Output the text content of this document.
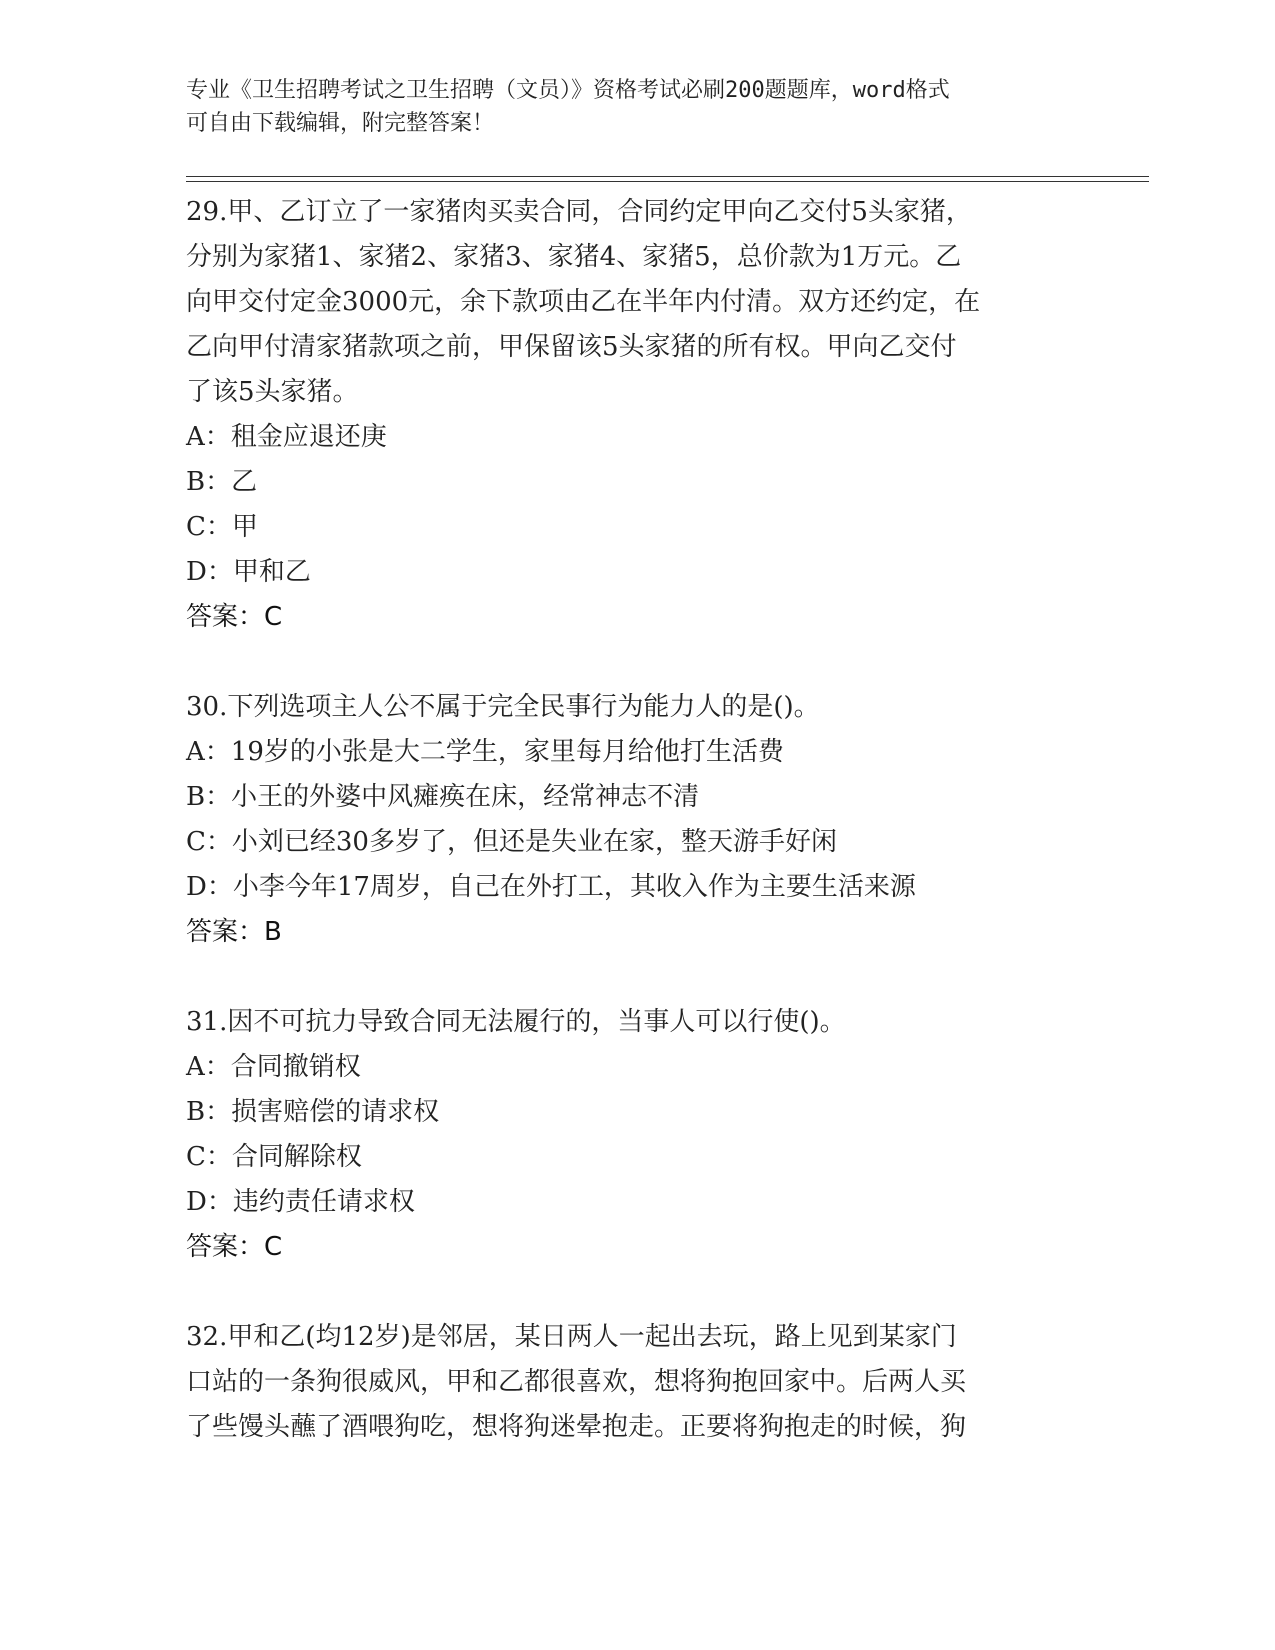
专业《卫生招聘考试之卫生招聘（文员）》资格考试必刷200题题库，word格式
可自由下载编辑，附完整答案！
29.甲、乙订立了一家猪肉买卖合同，合同约定甲向乙交付5头家猪，
分别为家猪1、家猪2、家猪3、家猪4、家猪5，总价款为1万元。乙
向甲交付定金3000元，余下款项由乙在半年内付清。双方还约定，在
乙向甲付清家猪款项之前，甲保留该5头家猪的所有权。甲向乙交付
了该5头家猪。
A：租金应退还庚
B：乙
C：甲
D：甲和乙
答案：C
30.下列选项主人公不属于完全民事行为能力人的是()。
A：19岁的小张是大二学生，家里每月给他打生活费
B：小王的外婆中风瘫痪在床，经常神志不清
C：小刘已经30多岁了，但还是失业在家，整天游手好闲
D：小李今年17周岁，自己在外打工，其收入作为主要生活来源
答案：B
31.因不可抗力导致合同无法履行的，当事人可以行使()。
A：合同撤销权
B：损害赔偿的请求权
C：合同解除权
D：违约责任请求权
答案：C
32.甲和乙(均12岁)是邻居，某日两人一起出去玩，路上见到某家门
口站的一条狗很威风，甲和乙都很喜欢，想将狗抱回家中。后两人买
了些馒头蘸了酒喂狗吃，想将狗迷晕抱走。正要将狗抱走的时候，狗
